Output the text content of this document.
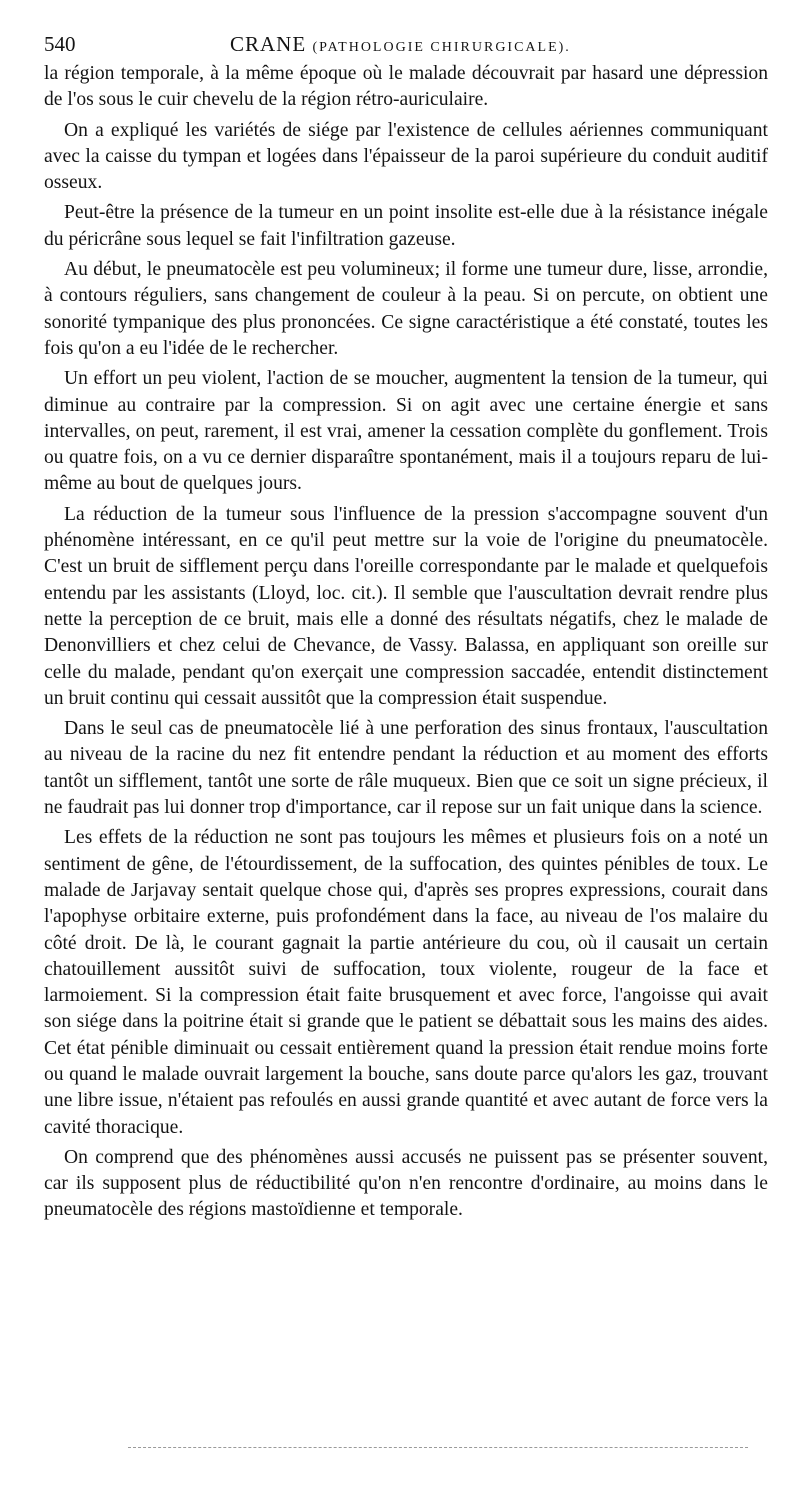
540	CRANE (PATHOLOGIE CHIRURGICALE).

la région temporale, à la même époque où le malade découvrait par hasard une dépression de l'os sous le cuir chevelu de la région rétro-auriculaire.

On a expliqué les variétés de siége par l'existence de cellules aériennes communiquant avec la caisse du tympan et logées dans l'épaisseur de la paroi supérieure du conduit auditif osseux.

Peut-être la présence de la tumeur en un point insolite est-elle due à la résistance inégale du péricrâne sous lequel se fait l'infiltration gazeuse.

Au début, le pneumatocèle est peu volumineux; il forme une tumeur dure, lisse, arrondie, à contours réguliers, sans changement de couleur à la peau. Si on percute, on obtient une sonorité tympanique des plus prononcées. Ce signe caractéristique a été constaté, toutes les fois qu'on a eu l'idée de le rechercher.

Un effort un peu violent, l'action de se moucher, augmentent la tension de la tumeur, qui diminue au contraire par la compression. Si on agit avec une certaine énergie et sans intervalles, on peut, rarement, il est vrai, amener la cessation complète du gonflement. Trois ou quatre fois, on a vu ce dernier disparaître spontanément, mais il a toujours reparu de lui-même au bout de quelques jours.

La réduction de la tumeur sous l'influence de la pression s'accompagne souvent d'un phénomène intéressant, en ce qu'il peut mettre sur la voie de l'origine du pneumatocèle. C'est un bruit de sifflement perçu dans l'oreille correspondante par le malade et quelquefois entendu par les assistants (Lloyd, loc. cit.). Il semble que l'auscultation devrait rendre plus nette la perception de ce bruit, mais elle a donné des résultats négatifs, chez le malade de Denonvilliers et chez celui de Chevance, de Vassy. Balassa, en appliquant son oreille sur celle du malade, pendant qu'on exerçait une compression saccadée, entendit distinctement un bruit continu qui cessait aussitôt que la compression était suspendue.

Dans le seul cas de pneumatocèle lié à une perforation des sinus frontaux, l'auscultation au niveau de la racine du nez fit entendre pendant la réduction et au moment des efforts tantôt un sifflement, tantôt une sorte de râle muqueux. Bien que ce soit un signe précieux, il ne faudrait pas lui donner trop d'importance, car il repose sur un fait unique dans la science.

Les effets de la réduction ne sont pas toujours les mêmes et plusieurs fois on a noté un sentiment de gêne, de l'étourdissement, de la suffocation, des quintes pénibles de toux. Le malade de Jarjavay sentait quelque chose qui, d'après ses propres expressions, courait dans l'apophyse orbitaire externe, puis profondément dans la face, au niveau de l'os malaire du côté droit. De là, le courant gagnait la partie antérieure du cou, où il causait un certain chatouillement aussitôt suivi de suffocation, toux violente, rougeur de la face et larmoiement. Si la compression était faite brusquement et avec force, l'angoisse qui avait son siége dans la poitrine était si grande que le patient se débattait sous les mains des aides. Cet état pénible diminuait ou cessait entièrement quand la pression était rendue moins forte ou quand le malade ouvrait largement la bouche, sans doute parce qu'alors les gaz, trouvant une libre issue, n'étaient pas refoulés en aussi grande quantité et avec autant de force vers la cavité thoracique.

On comprend que des phénomènes aussi accusés ne puissent pas se présenter souvent, car ils supposent plus de réductibilité qu'on n'en rencontre d'ordinaire, au moins dans le pneumatocèle des régions mastoïdienne et temporale.
